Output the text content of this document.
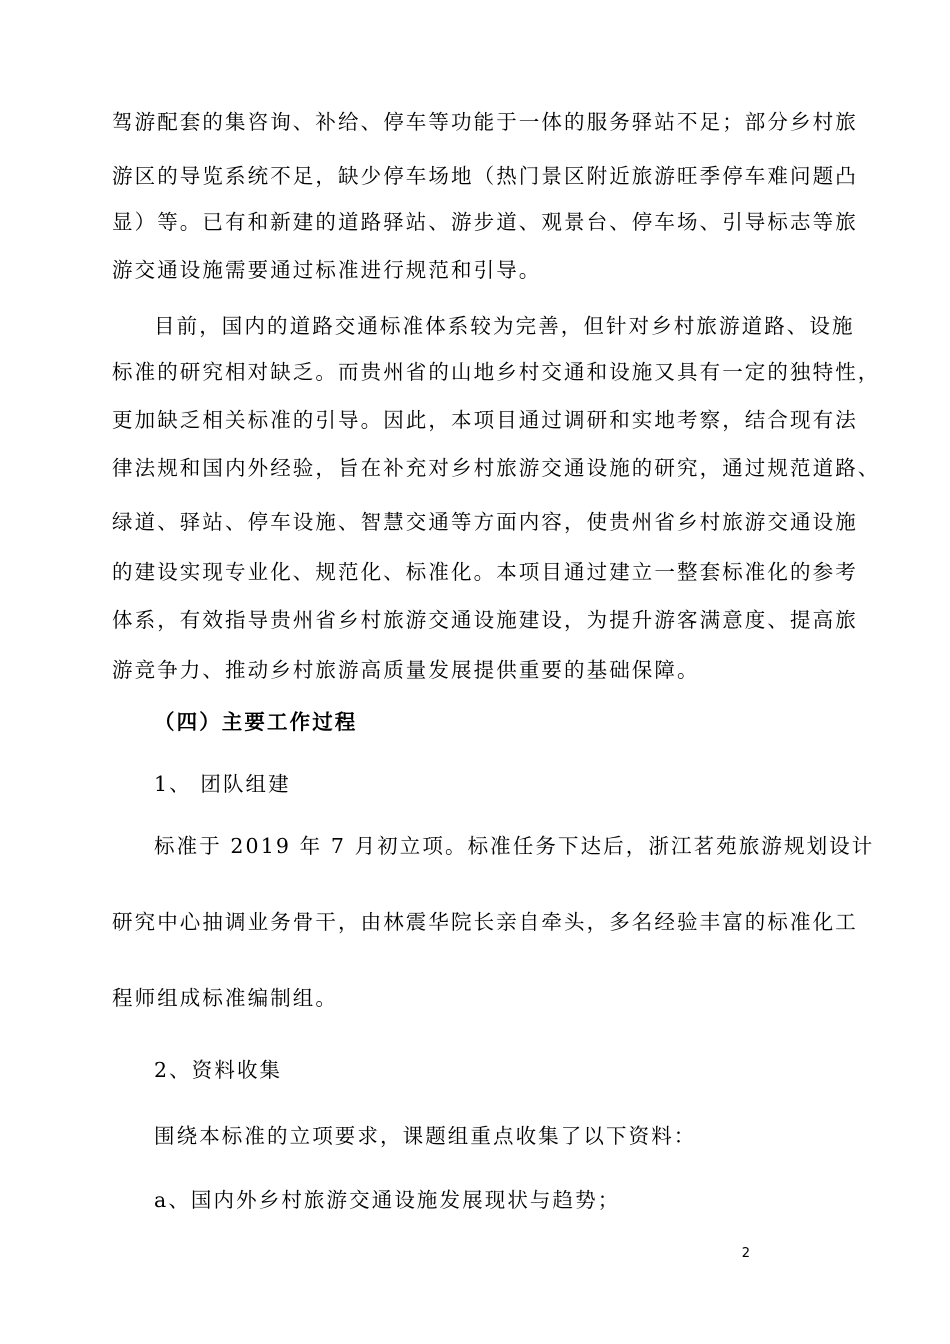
驾游配套的集咨询、补给、停车等功能于一体的服务驿站不足；部分乡村旅
游区的导览系统不足，缺少停车场地（热门景区附近旅游旺季停车难问题凸
显）等。已有和新建的道路驿站、游步道、观景台、停车场、引导标志等旅
游交通设施需要通过标准进行规范和引导。
目前，国内的道路交通标准体系较为完善，但针对乡村旅游道路、设施
标准的研究相对缺乏。而贵州省的山地乡村交通和设施又具有一定的独特性，
更加缺乏相关标准的引导。因此，本项目通过调研和实地考察，结合现有法
律法规和国内外经验，旨在补充对乡村旅游交通设施的研究，通过规范道路、
绿道、驿站、停车设施、智慧交通等方面内容，使贵州省乡村旅游交通设施
的建设实现专业化、规范化、标准化。本项目通过建立一整套标准化的参考
体系，有效指导贵州省乡村旅游交通设施建设，为提升游客满意度、提高旅
游竞争力、推动乡村旅游高质量发展提供重要的基础保障。
（四）主要工作过程
1、 团队组建
标准于 2019 年 7 月初立项。标准任务下达后，浙江茗苑旅游规划设计
研究中心抽调业务骨干，由林震华院长亲自牵头，多名经验丰富的标准化工
程师组成标准编制组。
2、资料收集
围绕本标准的立项要求，课题组重点收集了以下资料：
a、国内外乡村旅游交通设施发展现状与趋势；
2
